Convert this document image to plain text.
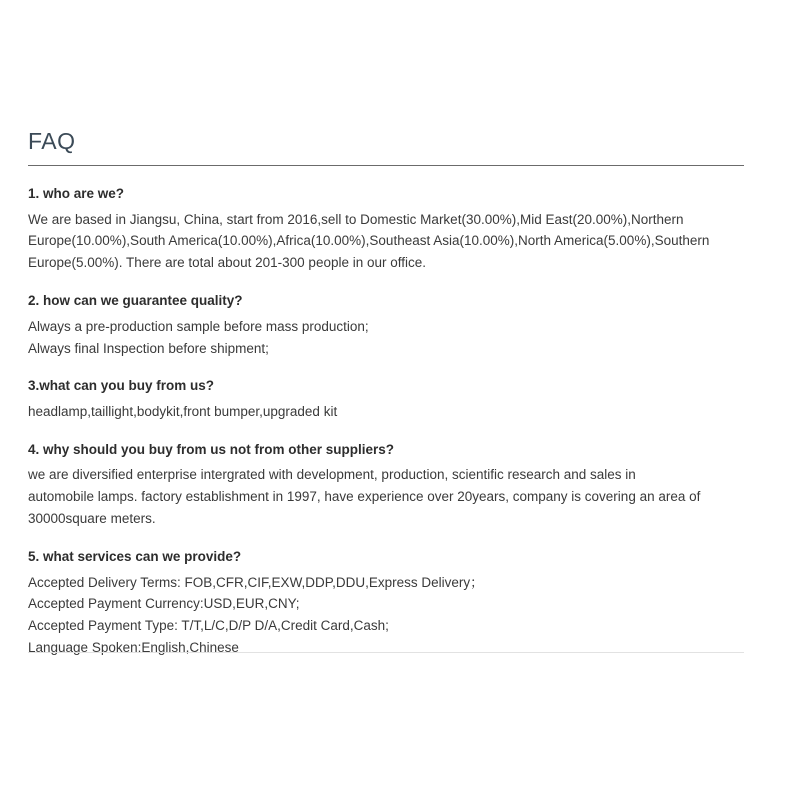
FAQ

1. who are we?

We are based in Jiangsu, China, start from 2016,sell to Domestic Market(30.00%),Mid East(20.00%),Northern
Europe(10.00%),South America(10.00%),Africa(10.00%),Southeast Asia(10.00%),North America(5.00%),Southern
Europe(5.00%). There are total about 201-300 people in our office.

2. how can we guarantee quality?

Always a pre-production sample before mass production;
Always final Inspection before shipment;

3.what can you buy from us?

headlamp,taillight,bodykit,front bumper,upgraded kit

4. why should you buy from us not from other suppliers?

we are diversified enterprise intergrated with development, production, scientific research and sales in
automobile lamps. factory establishment in 1997, have experience over 20years, company is covering an area of
30000square meters.

5. what services can we provide?

Accepted Delivery Terms: FOB,CFR,CIF,EXW,DDP,DDU,Express Delivery；
Accepted Payment Currency:USD,EUR,CNY;
Accepted Payment Type: T/T,L/C,D/P D/A,Credit Card,Cash;
Language Spoken:English,Chinese
